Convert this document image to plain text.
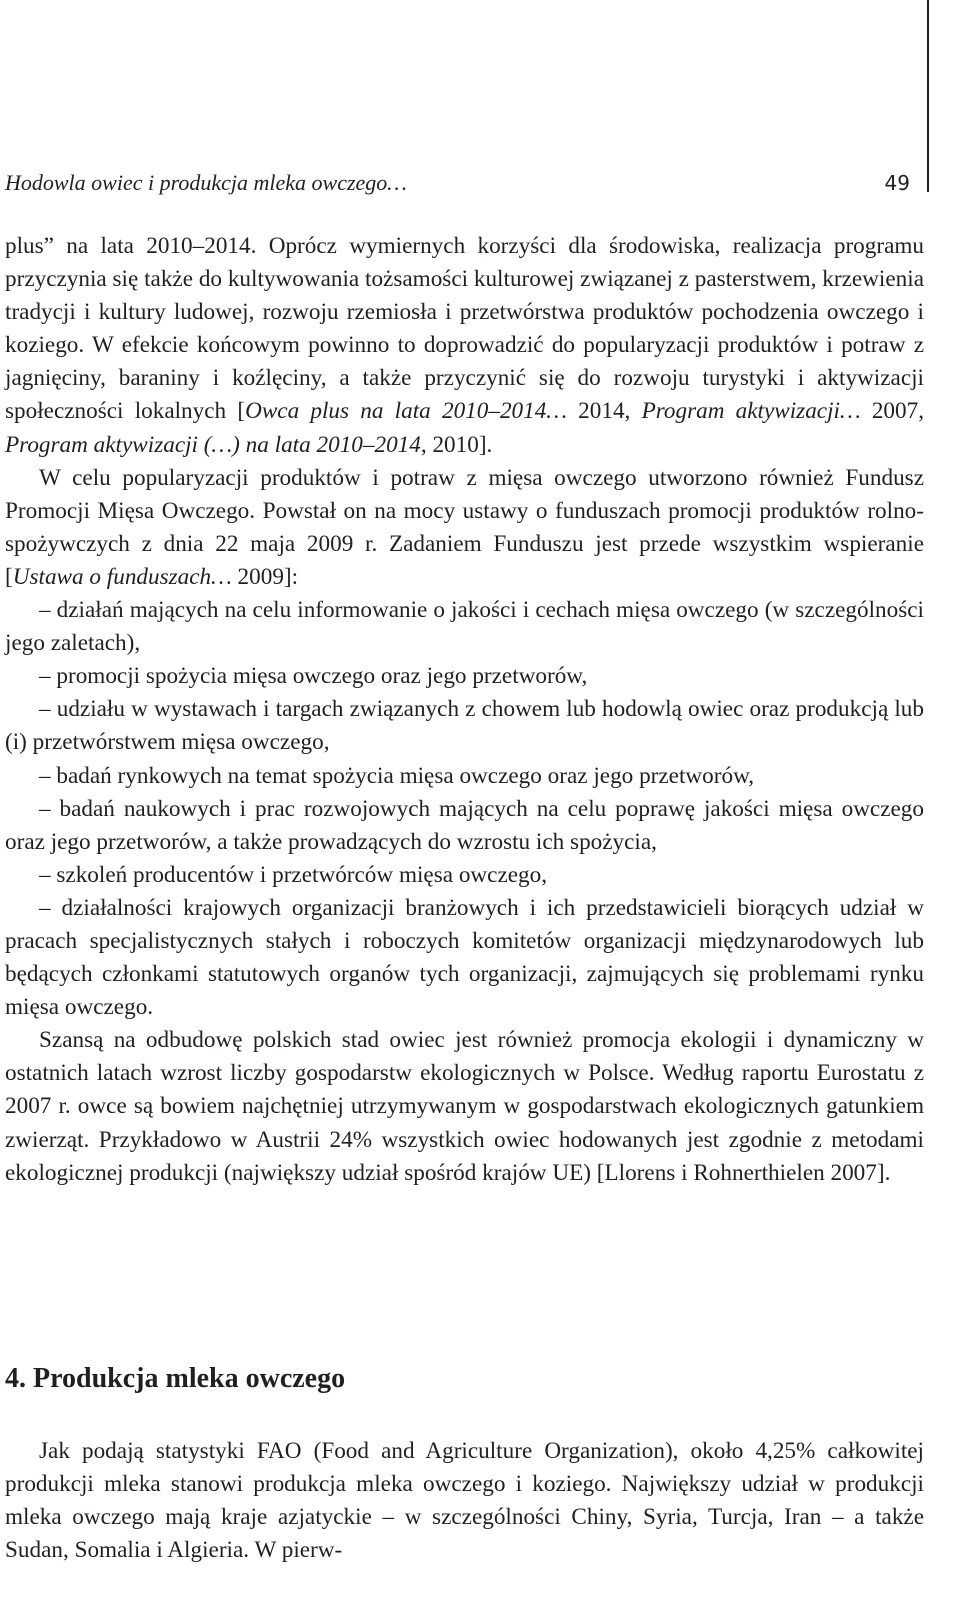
Hodowla owiec i produkcja mleka owczego…	49

plus” na lata 2010–2014. Oprócz wymiernych korzyści dla środowiska, realizacja programu przyczynia się także do kultywowania tożsamości kulturowej związanej z pasterstwem, krzewienia tradycji i kultury ludowej, rozwoju rzemiosła i przetwórstwa produktów pochodzenia owczego i koziego. W efekcie końcowym powinno to doprowadzić do popularyzacji produktów i potraw z jagnięciny, baraniny i koźlęciny, a także przyczynić się do rozwoju turystyki i aktywizacji społeczności lokalnych [Owca plus na lata 2010–2014… 2014, Program aktywizacji… 2007, Program aktywizacji (…) na lata 2010–2014, 2010].

W celu popularyzacji produktów i potraw z mięsa owczego utworzono również Fundusz Promocji Mięsa Owczego. Powstał on na mocy ustawy o funduszach promocji produktów rolno-spożywczych z dnia 22 maja 2009 r. Zadaniem Funduszu jest przede wszystkim wspieranie [Ustawa o funduszach… 2009]:

– działań mających na celu informowanie o jakości i cechach mięsa owczego (w szczególności jego zaletach),

– promocji spożycia mięsa owczego oraz jego przetworów,

– udziału w wystawach i targach związanych z chowem lub hodowlą owiec oraz produkcją lub (i) przetwórstwem mięsa owczego,

– badań rynkowych na temat spożycia mięsa owczego oraz jego przetworów,

– badań naukowych i prac rozwojowych mających na celu poprawę jakości mięsa owczego oraz jego przetworów, a także prowadzących do wzrostu ich spożycia,

– szkoleń producentów i przetwórców mięsa owczego,

– działalności krajowych organizacji branżowych i ich przedstawicieli biorących udział w pracach specjalistycznych stałych i roboczych komitetów organizacji międzynarodowych lub będących członkami statutowych organów tych organizacji, zajmujących się problemami rynku mięsa owczego.

Szansą na odbudowę polskich stad owiec jest również promocja ekologii i dynamiczny w ostatnich latach wzrost liczby gospodarstw ekologicznych w Polsce. Według raportu Eurostatu z 2007 r. owce są bowiem najchętniej utrzymywanym w gospodarstwach ekologicznych gatunkiem zwierząt. Przykładowo w Austrii 24% wszystkich owiec hodowanych jest zgodnie z metodami ekologicznej produkcji (największy udział spośród krajów UE) [Llorens i Rohnerthielen 2007].

4. Produkcja mleka owczego

Jak podają statystyki FAO (Food and Agriculture Organization), około 4,25% całkowitej produkcji mleka stanowi produkcja mleka owczego i koziego. Największy udział w produkcji mleka owczego mają kraje azjatyckie – w szczególności Chiny, Syria, Turcja, Iran – a także Sudan, Somalia i Algieria. W pierw-
